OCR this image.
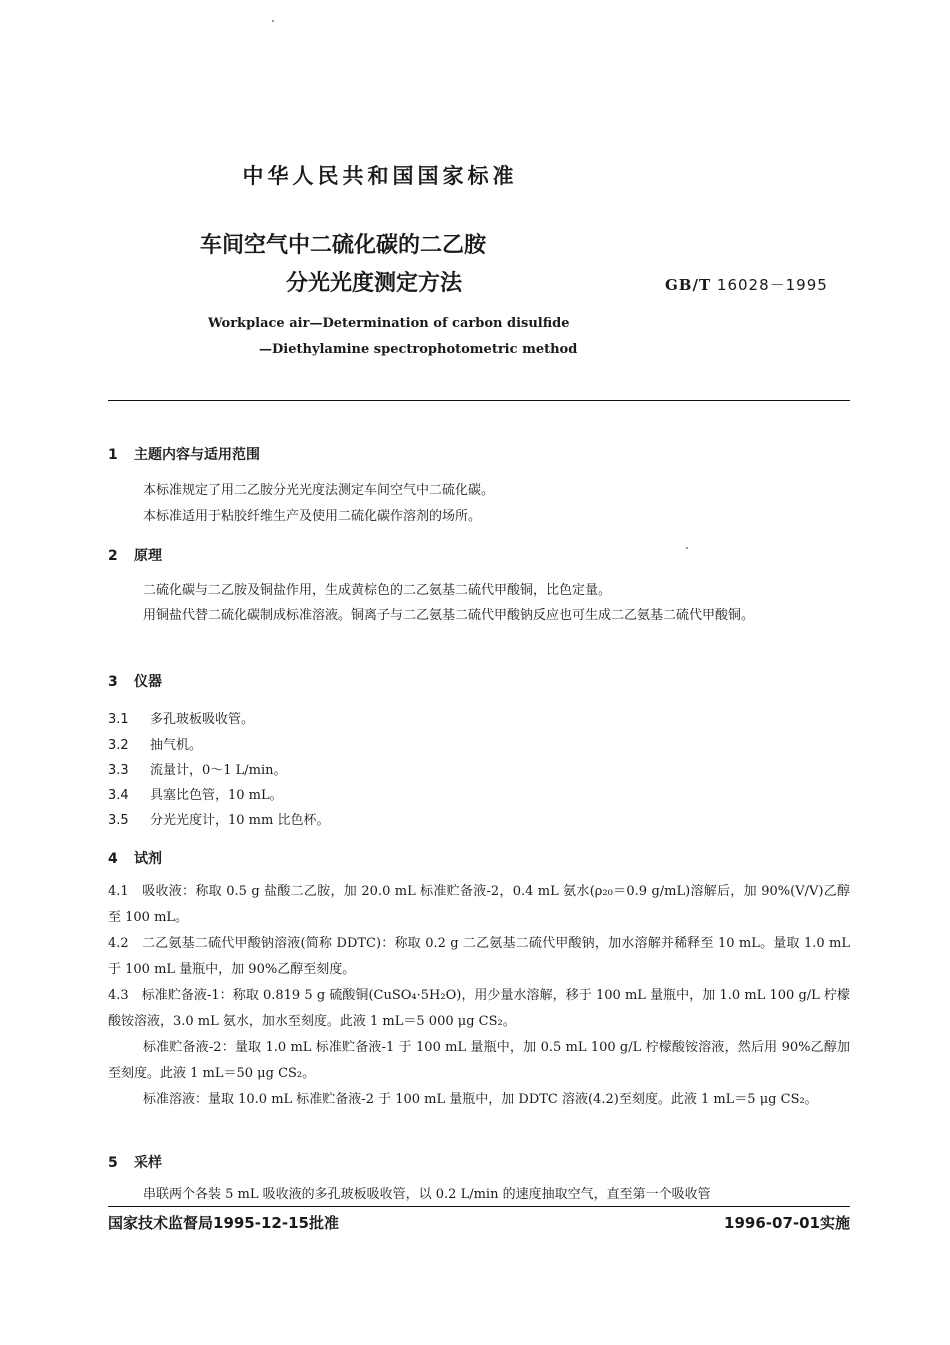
中华人民共和国国家标准
车间空气中二硫化碳的二乙胺
分光光度测定方法	GB/T 16028－1995
Workplace air—Determination of carbon disulfide
—Diethylamine spectrophotometric method
1 主题内容与适用范围
本标准规定了用二乙胺分光光度法测定车间空气中二硫化碳。
本标准适用于粘胶纤维生产及使用二硫化碳作溶剂的场所。
2 原理
二硫化碳与二乙胺及铜盐作用，生成黄棕色的二乙氨基二硫代甲酸铜，比色定量。

用铜盐代替二硫化碳制成标准溶液。铜离子与二乙氨基二硫代甲酸钠反应也可生成二乙氨基二硫代甲酸铜。

3 仪器
3.1 多孔玻板吸收管。
3.2 抽气机。
3.3 流量计，0～1 L/min。
3.4 具塞比色管，10 mL。
3.5 分光光度计，10 mm 比色杯。
4 试剂

4.1　吸收液：称取 0.5 g 盐酸二乙胺，加 20.0 mL 标准贮备液-2，0.4 mL 氨水(ρ₂₀＝0.9 g/mL)溶解后，加 90%(V/V)乙醇至 100 mL。

4.2　二乙氨基二硫代甲酸钠溶液(简称 DDTC)：称取 0.2 g 二乙氨基二硫代甲酸钠，加水溶解并稀释至 10 mL。量取 1.0 mL 于 100 mL 量瓶中，加 90%乙醇至刻度。

4.3　标准贮备液-1：称取 0.819 5 g 硫酸铜(CuSO₄·5H₂O)，用少量水溶解，移于 100 mL 量瓶中，加 1.0 mL 100 g/L 柠檬酸铵溶液，3.0 mL 氨水，加水至刻度。此液 1 mL＝5 000 μg CS₂。

标准贮备液-2：量取 1.0 mL 标准贮备液-1 于 100 mL 量瓶中，加 0.5 mL 100 g/L 柠檬酸铵溶液，然后用 90%乙醇加至刻度。此液 1 mL＝50 μg CS₂。

标准溶液：量取 10.0 mL 标准贮备液-2 于 100 mL 量瓶中，加 DDTC 溶液(4.2)至刻度。此液 1 mL＝5 μg CS₂。

5 采样
串联两个各装 5 mL 吸收液的多孔玻板吸收管，以 0.2 L/min 的速度抽取空气，直至第一个吸收管
国家技术监督局1995-12-15批准	1996-07-01实施
